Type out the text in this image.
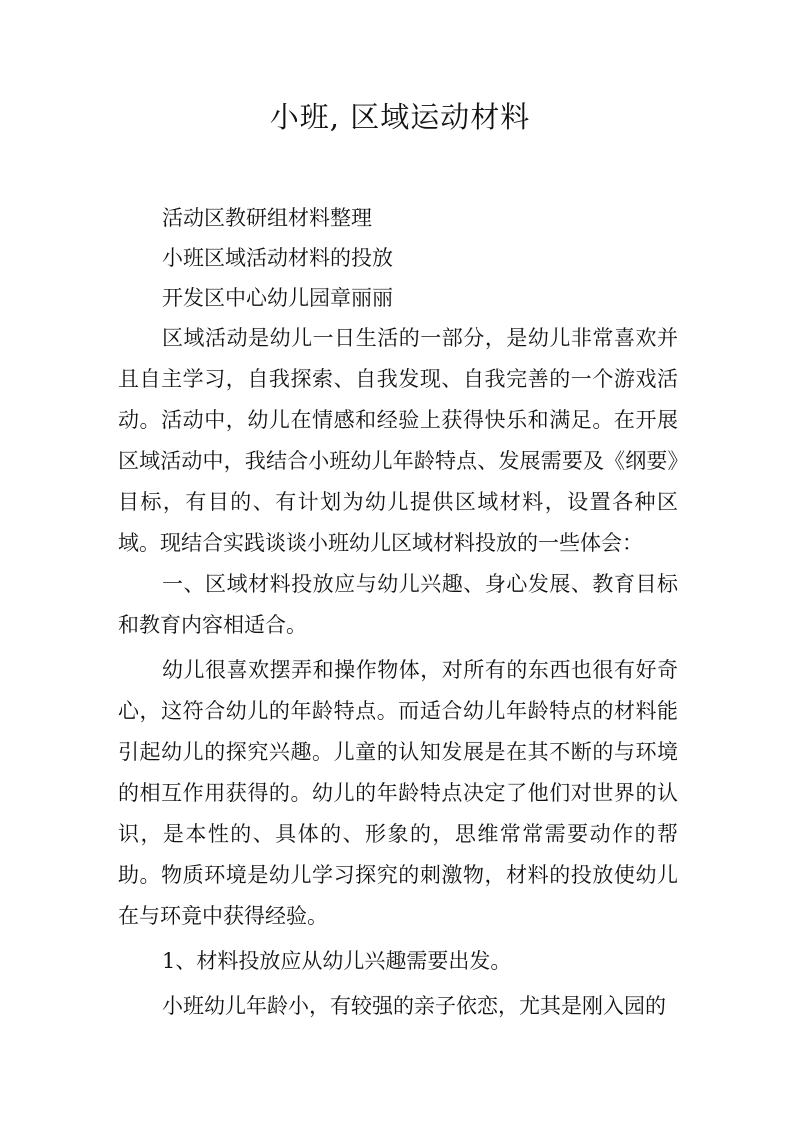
小班, 区域运动材料

活动区教研组材料整理

小班区域活动材料的投放

开发区中心幼儿园章丽丽

区域活动是幼儿一日生活的一部分，是幼儿非常喜欢并且自主学习，自我探索、自我发现、自我完善的一个游戏活动。活动中，幼儿在情感和经验上获得快乐和满足。在开展区域活动中，我结合小班幼儿年龄特点、发展需要及《纲要》目标，有目的、有计划为幼儿提供区域材料，设置各种区域。现结合实践谈谈小班幼儿区域材料投放的一些体会：

一、区域材料投放应与幼儿兴趣、身心发展、教育目标和教育内容相适合。

幼儿很喜欢摆弄和操作物体，对所有的东西也很有好奇心，这符合幼儿的年龄特点。而适合幼儿年龄特点的材料能引起幼儿的探究兴趣。儿童的认知发展是在其不断的与环境的相互作用获得的。幼儿的年龄特点决定了他们对世界的认识，是本性的、具体的、形象的，思维常常需要动作的帮助。物质环境是幼儿学习探究的刺激物，材料的投放使幼儿在与环竟中获得经验。

1、材料投放应从幼儿兴趣需要出发。

小班幼儿年龄小，有较强的亲子依恋，尤其是刚入园的
